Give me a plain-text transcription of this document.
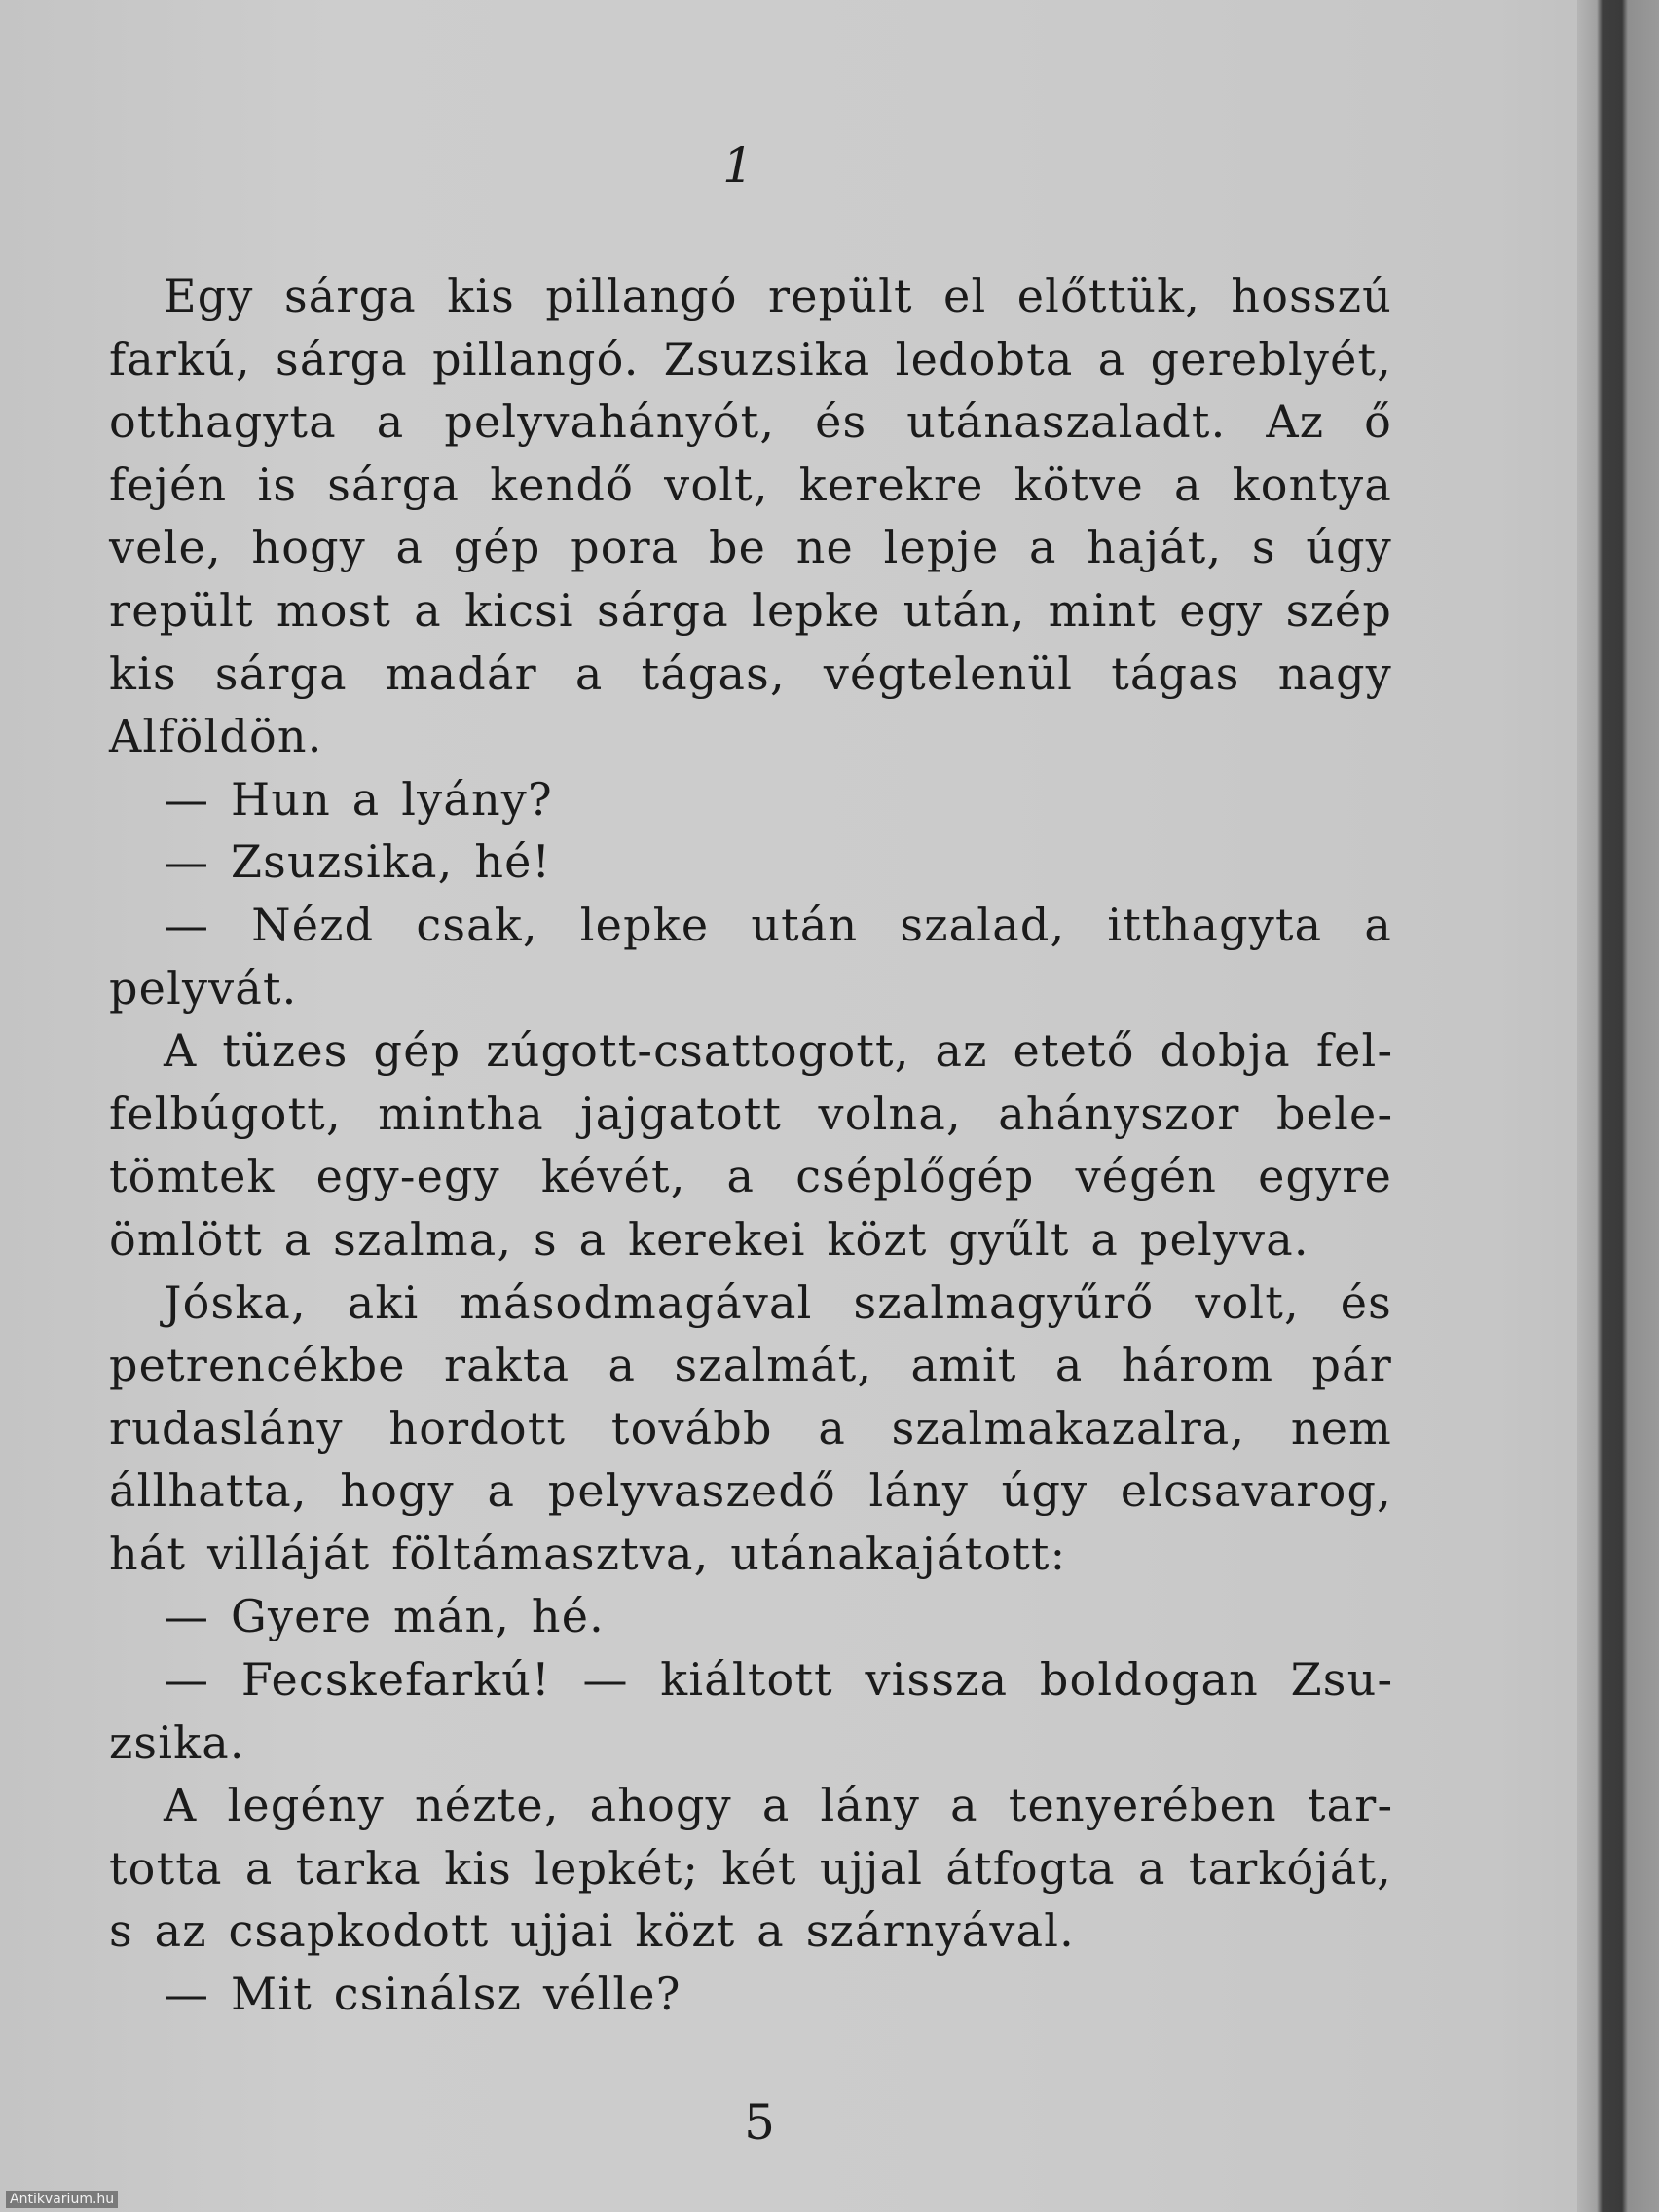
1

Egy sárga kis pillangó repült el előttük, hosszú farkú, sárga pillangó. Zsuzsika ledobta a gereblyét, otthagyta a pelyvahányót, és utánaszaladt. Az ő fején is sárga kendő volt, kerekre kötve a kontya vele, hogy a gép pora be ne lepje a haját, s úgy repült most a kicsi sárga lepke után, mint egy szép kis sárga madár a tágas, végtelenül tágas nagy Alföldön.

— Hun a lyány?

— Zsuzsika, hé!

— Nézd csak, lepke után szalad, itthagyta a pelyvát.

A tüzes gép zúgott-csattogott, az etető dobja felfelbúgott, mintha jajgatott volna, ahányszor beletömtek egy-egy kévét, a cséplőgép végén egyre ömlött a szalma, s a kerekei közt gyűlt a pelyva.

Jóska, aki másodmagával szalmagyűrő volt, és petrencékbe rakta a szalmát, amit a három pár rudaslány hordott tovább a szalmakazalra, nem állhatta, hogy a pelyvaszedő lány úgy elcsavarog, hát villáját föltámasztva, utánakajátott:

— Gyere mán, hé.

— Fecskefarkú! — kiáltott vissza boldogan Zsuzsika.

A legény nézte, ahogy a lány a tenyerében tartotta a tarka kis lepkét; két ujjal átfogta a tarkóját, s az csapkodott ujjai közt a szárnyával.

— Mit csinálsz vélle?

5
Antikvarium.hu
